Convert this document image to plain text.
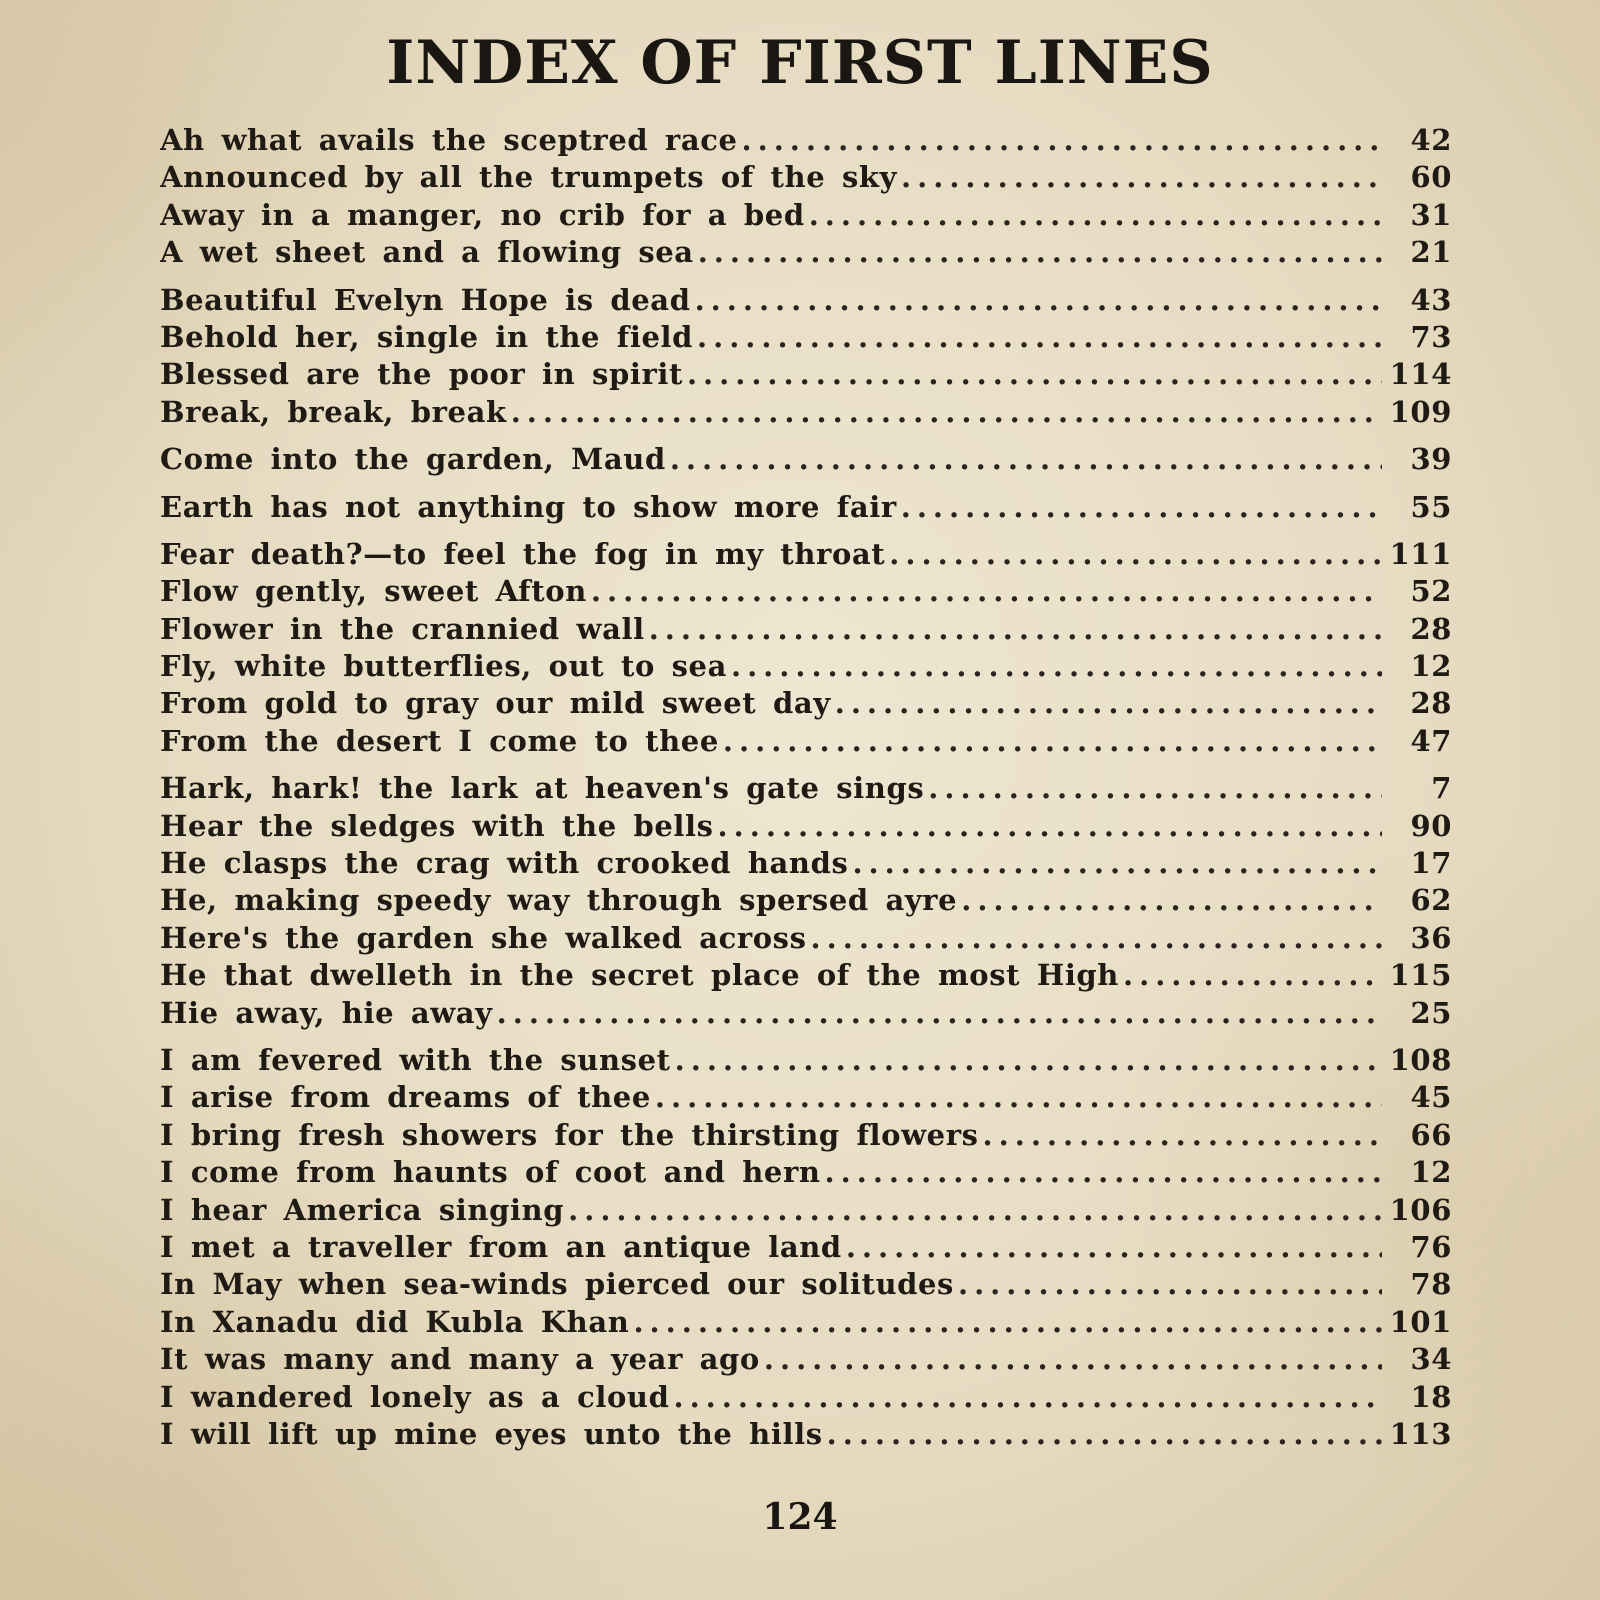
INDEX OF FIRST LINES
Ah what avails the sceptred race .....	42
Announced by all the trumpets of the sky .....	60
Away in a manger, no crib for a bed .....	31
A wet sheet and a flowing sea .....	21
Beautiful Evelyn Hope is dead .....	43
Behold her, single in the field .....	73
Blessed are the poor in spirit .....	114
Break, break, break .....	109
Come into the garden, Maud .....	39
Earth has not anything to show more fair .....	55
Fear death?—to feel the fog in my throat .....	111
Flow gently, sweet Afton .....	52
Flower in the crannied wall .....	28
Fly, white butterflies, out to sea .....	12
From gold to gray our mild sweet day .....	28
From the desert I come to thee .....	47
Hark, hark! the lark at heaven's gate sings .....	7
Hear the sledges with the bells .....	90
He clasps the crag with crooked hands .....	17
He, making speedy way through spersed ayre .....	62
Here's the garden she walked across .....	36
He that dwelleth in the secret place of the most High .....	115
Hie away, hie away .....	25
I am fevered with the sunset .....	108
I arise from dreams of thee .....	45
I bring fresh showers for the thirsting flowers .....	66
I come from haunts of coot and hern .....	12
I hear America singing .....	106
I met a traveller from an antique land .....	76
In May when sea-winds pierced our solitudes .....	78
In Xanadu did Kubla Khan .....	101
It was many and many a year ago .....	34
I wandered lonely as a cloud .....	18
I will lift up mine eyes unto the hills .....	113
124
